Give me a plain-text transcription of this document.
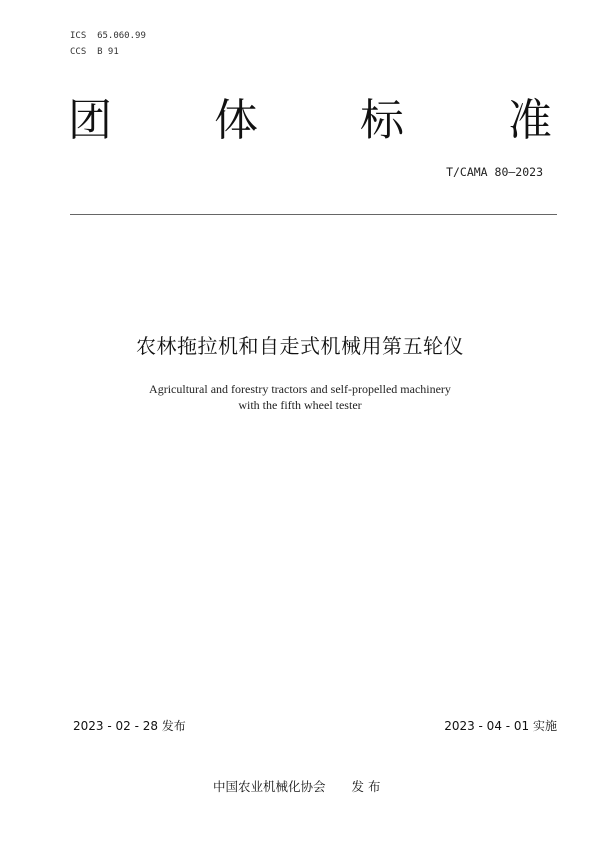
ICS  65.060.99
CCS  B 91
团 体 标 准
T/CAMA 80—2023
农林拖拉机和自走式机械用第五轮仪
Agricultural and forestry tractors and self-propelled machinery
with the fifth wheel tester
2023 - 02 - 28 发布	2023 - 04 - 01 实施
中国农业机械化协会 发 布
